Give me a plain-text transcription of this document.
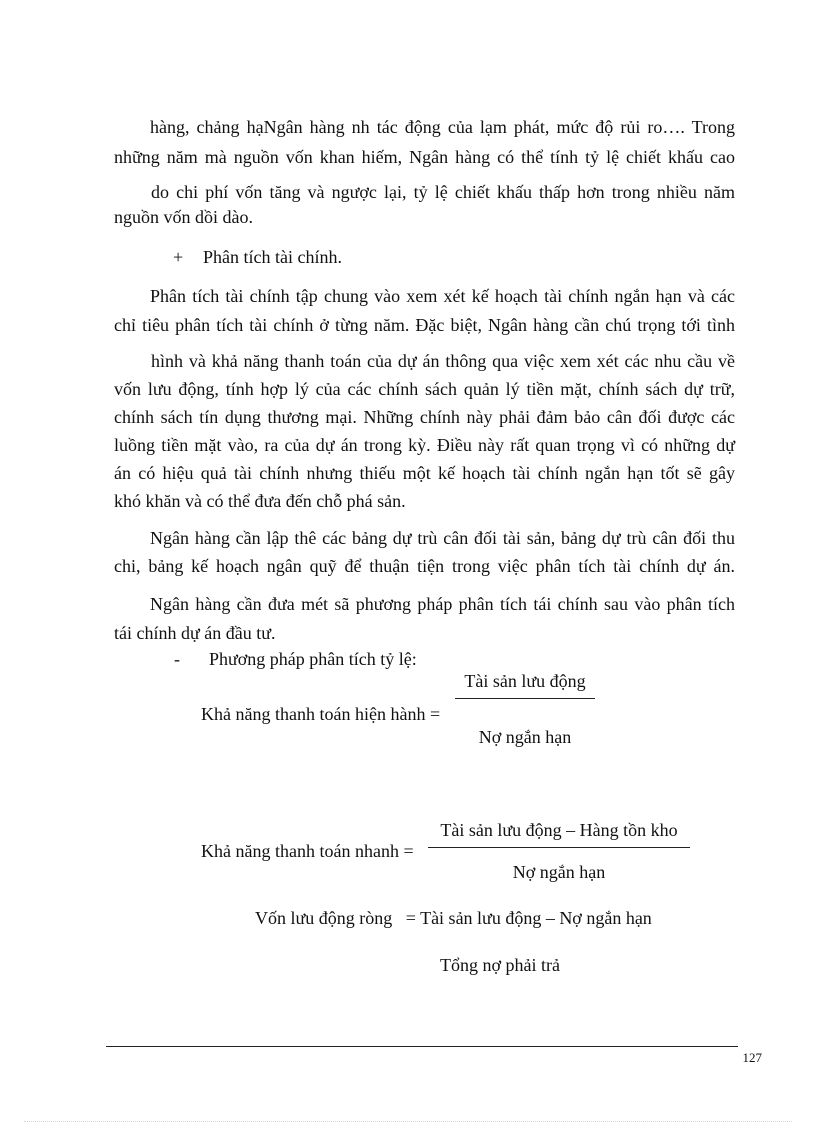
hàng, chảng hạNgân hàng nh tác động của lạm phát, mức độ rủi ro…. Trong
những năm mà nguồn vốn khan hiếm, Ngân hàng có thể tính tỷ lệ chiết khấu cao
do chi phí vốn tăng và ngược lại, tỷ lệ chiết khấu thấp hơn trong nhiều năm
nguồn vốn dồi dào.
+ Phân tích tài chính.
Phân tích tài chính tập chung vào xem xét kế hoạch tài chính ngắn hạn và các
chỉ tiêu phân tích tài chính ở từng năm. Đặc biệt, Ngân hàng cần chú trọng tới tình
hình và khả năng thanh toán của dự án thông qua việc xem xét các nhu cầu về
vốn lưu động, tính hợp lý của các chính sách quản lý tiền mặt, chính sách dự trữ,
chính sách tín dụng thương mại. Những chính này phải đảm bảo cân đối được các
luồng tiền mặt vào, ra của dự án trong kỳ. Điều này rất quan trọng vì có những dự
án có hiệu quả tài chính nhưng thiếu một kế hoạch tài chính ngắn hạn tốt sẽ gây
khó khăn và có thể đưa đến chỗ phá sản.
Ngân hàng cần lập thê các bảng dự trù cân đối tài sản, bảng dự trù cân đối thu
chi, bảng kế hoạch ngân quỹ để thuận tiện trong việc phân tích tài chính dự án.
Ngân hàng cần đưa mét sã phương pháp phân tích tái chính sau vào phân tích
tái chính dự án đầu tư.
- Phương pháp phân tích tỷ lệ:
Khả năng thanh toán hiện hành =
Tài sản lưu động
Nợ ngắn hạn
Khả năng thanh toán nhanh =
Tài sản lưu động – Hàng tồn kho
Nợ ngắn hạn
Vốn lưu động ròng   = Tài sản lưu động – Nợ ngắn hạn
Tổng nợ phải trả
127
